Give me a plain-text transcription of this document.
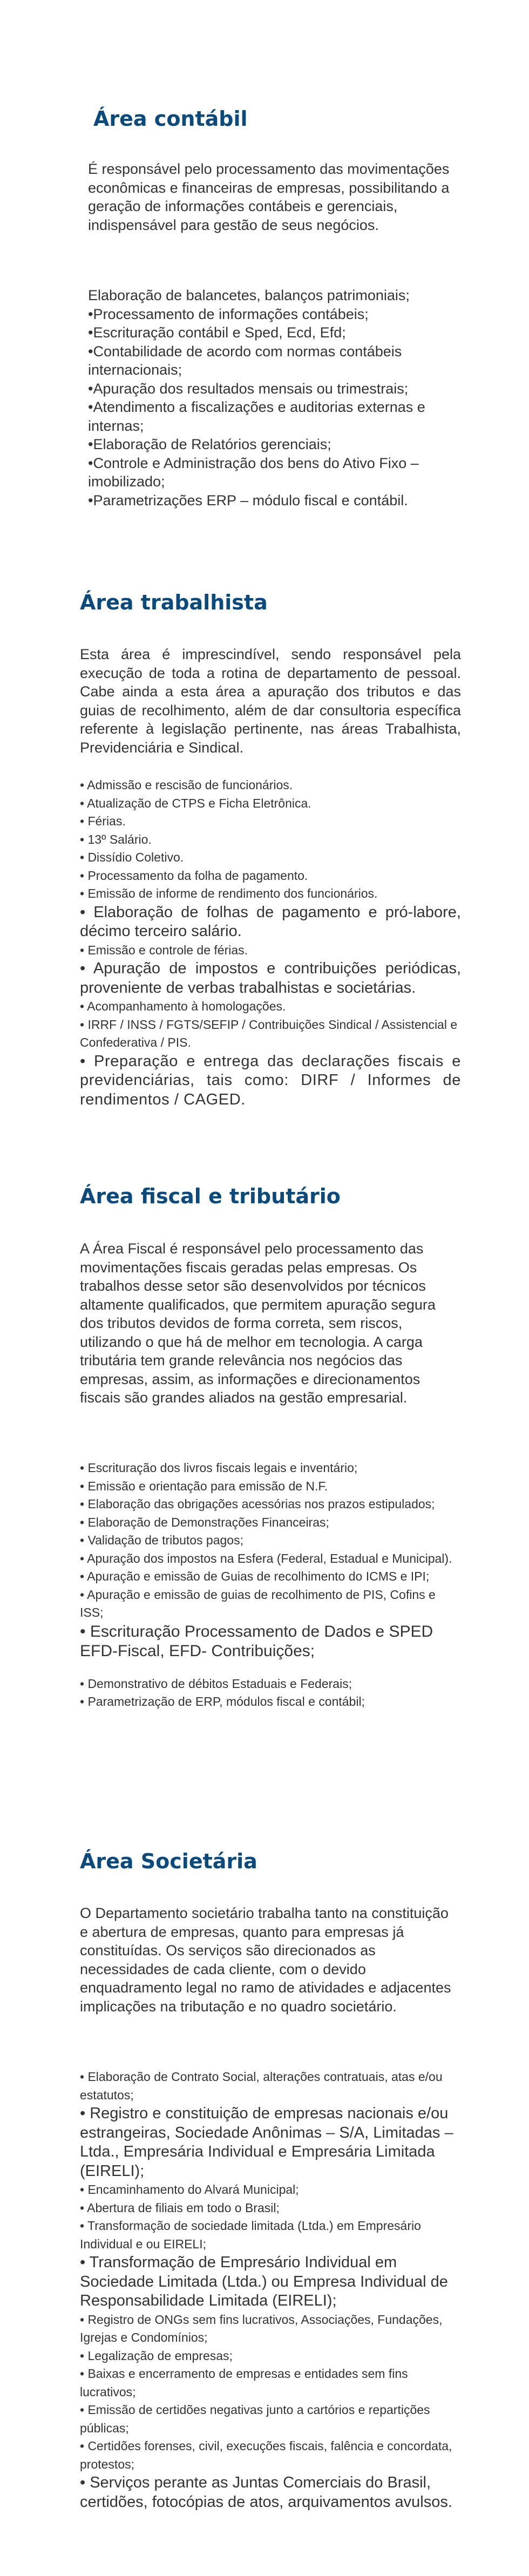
Área contábil

É responsável pelo processamento das movimentações econômicas e financeiras de empresas, possibilitando a geração de informações contábeis e gerenciais, indispensável para gestão de seus negócios.

Elaboração de balancetes, balanços patrimoniais;
•Processamento de informações contábeis;
•Escrituração contábil e Sped, Ecd, Efd;
•Contabilidade de acordo com normas contábeis internacionais;
•Apuração dos resultados mensais ou trimestrais;
•Atendimento a fiscalizações e auditorias externas e internas;
•Elaboração de Relatórios gerenciais;
•Controle e Administração dos bens do Ativo Fixo – imobilizado;
•Parametrizações ERP – módulo fiscal e contábil.
Área trabalhista

Esta área é imprescindível, sendo responsável pela execução de toda a rotina de departamento de pessoal. Cabe ainda a esta área a apuração dos tributos e das guias de recolhimento, além de dar consultoria específica referente à legislação pertinente, nas áreas Trabalhista, Previdenciária e Sindical.

• Admissão e rescisão de funcionários.
• Atualização de CTPS e Ficha Eletrônica.
• Férias.
• 13º Salário.
• Dissídio Coletivo.
• Processamento da folha de pagamento.
• Emissão de informe de rendimento dos funcionários.
• Elaboração de folhas de pagamento e pró-labore, décimo terceiro salário.
• Emissão e controle de férias.
• Apuração de impostos e contribuições periódicas, proveniente de verbas trabalhistas e societárias.
• Acompanhamento à homologações.
• IRRF / INSS / FGTS/SEFIP / Contribuições Sindical / Assistencial e Confederativa / PIS.
• Preparação e entrega das declarações fiscais e previdenciárias, tais como: DIRF / Informes de rendimentos / CAGED.
Área fiscal e tributário

A Área Fiscal é responsável pelo processamento das movimentações fiscais geradas pelas empresas. Os trabalhos desse setor são desenvolvidos por técnicos altamente qualificados, que permitem apuração segura dos tributos devidos de forma correta, sem riscos, utilizando o que há de melhor em tecnologia. A carga tributária tem grande relevância nos negócios das empresas, assim, as informações e direcionamentos fiscais são grandes aliados na gestão empresarial.

• Escrituração dos livros fiscais legais e inventário;
• Emissão e orientação para emissão de N.F.
• Elaboração das obrigações acessórias nos prazos estipulados;
• Elaboração de Demonstrações Financeiras;
• Validação de tributos pagos;
• Apuração dos impostos na Esfera (Federal, Estadual e Municipal).
• Apuração e emissão de Guias de recolhimento do ICMS e IPI;
• Apuração e emissão de guias de recolhimento de PIS, Cofins e ISS;
• Escrituração Processamento de Dados e SPED EFD-Fiscal, EFD- Contribuições;
• Demonstrativo de débitos Estaduais e Federais;
• Parametrização de ERP, módulos fiscal e contábil;
Área Societária

O Departamento societário trabalha tanto na constituição e abertura de empresas, quanto para empresas já constituídas. Os serviços são direcionados as necessidades de cada cliente, com o devido enquadramento legal no ramo de atividades e adjacentes implicações na tributação e no quadro societário.

• Elaboração de Contrato Social, alterações contratuais, atas e/ou estatutos;
• Registro e constituição de empresas nacionais e/ou estrangeiras, Sociedade Anônimas – S/A, Limitadas – Ltda., Empresária Individual e Empresária Limitada (EIRELI);
• Encaminhamento do Alvará Municipal;
• Abertura de filiais em todo o Brasil;
• Transformação de sociedade limitada (Ltda.) em Empresário Individual e ou EIRELI;
• Transformação de Empresário Individual em Sociedade Limitada (Ltda.) ou Empresa Individual de Responsabilidade Limitada (EIRELI);
• Registro de ONGs sem fins lucrativos, Associações, Fundações, Igrejas e Condomínios;
• Legalização de empresas;
• Baixas e encerramento de empresas e entidades sem fins lucrativos;
• Emissão de certidões negativas junto a cartórios e repartições públicas;
• Certidões forenses, civil, execuções fiscais, falência e concordata, protestos;
• Serviços perante as Juntas Comerciais do Brasil, certidões, fotocópias de atos, arquivamentos avulsos.
